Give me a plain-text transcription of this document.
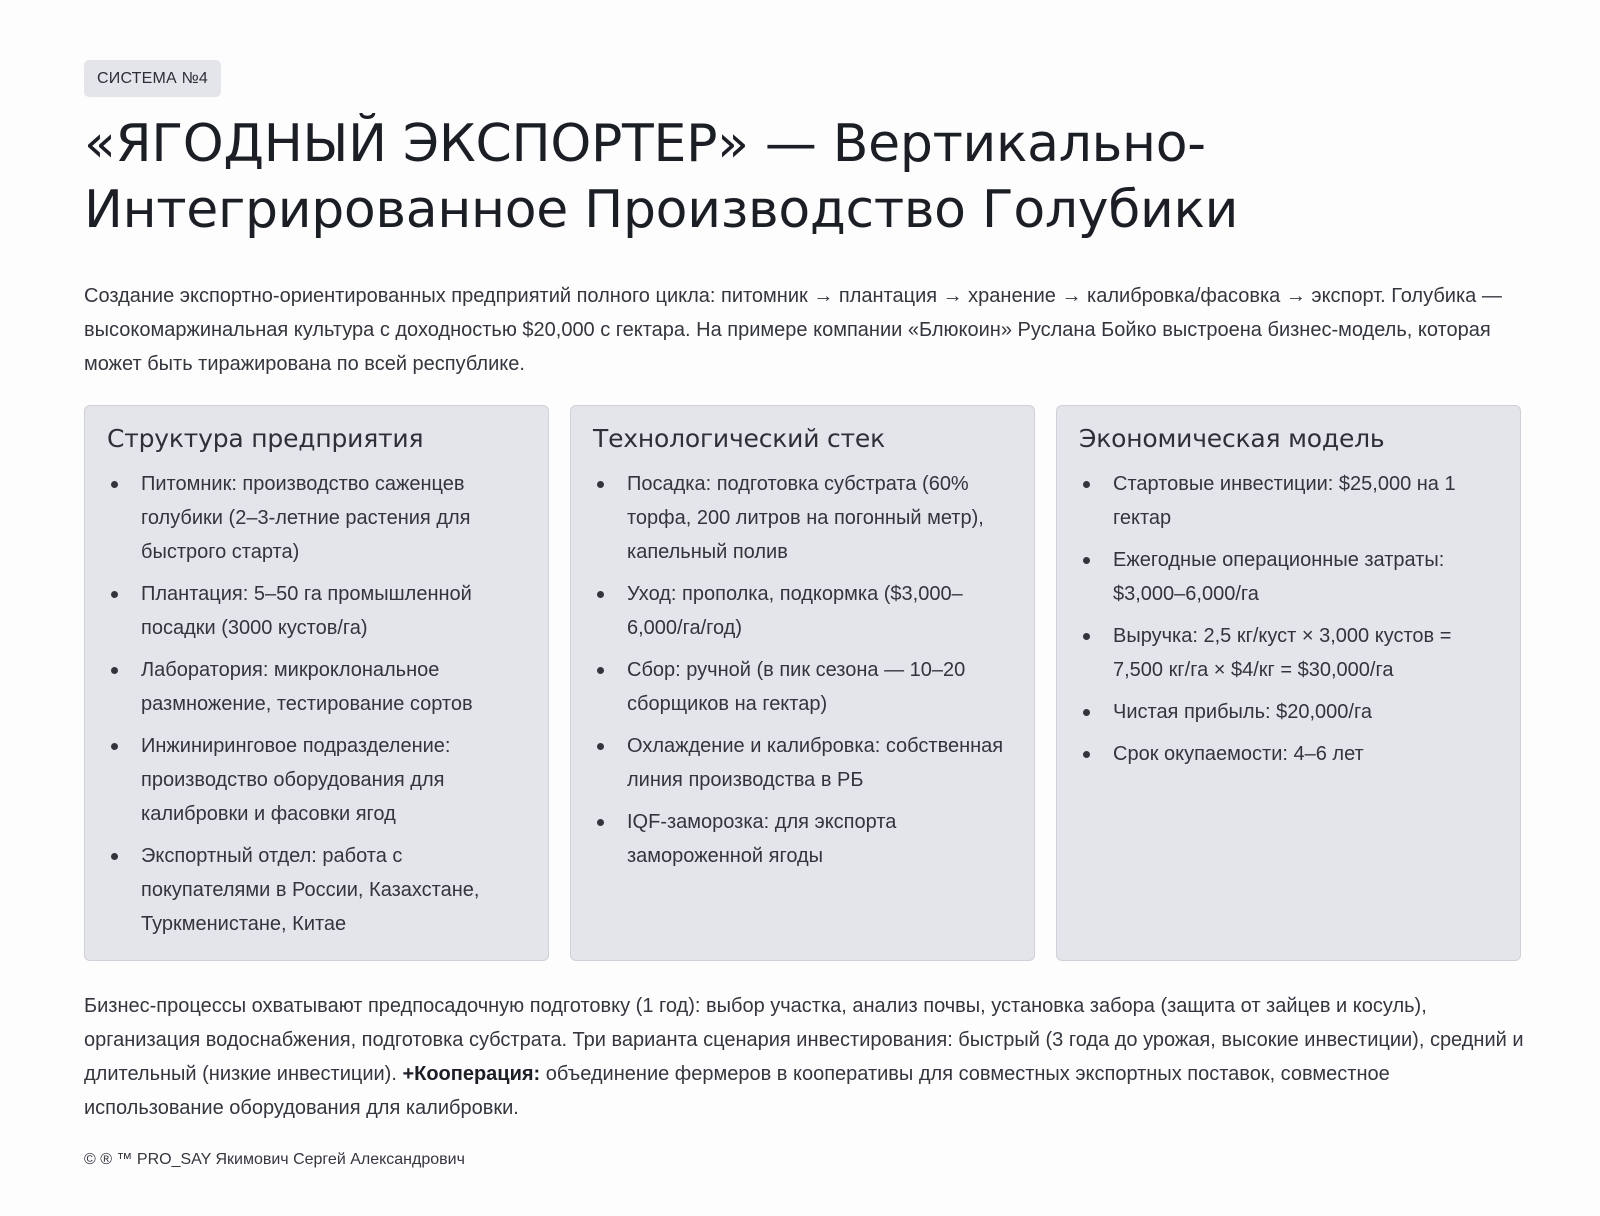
СИСТЕМА №4
«ЯГОДНЫЙ ЭКСПОРТЕР» — Вертикально-
Интегрированное Производство Голубики

Создание экспортно-ориентированных предприятий полного цикла: питомник → плантация → хранение → калибровка/фасовка → экспорт. Голубика — высокомаржинальная культура с доходностью $20,000 с гектара. На примере компании «Блюкоин» Руслана Бойко выстроена бизнес-модель, которая может быть тиражирована по всей республике.

Структура предприятия
Питомник: производство саженцев голубики (2–3-летние растения для быстрого старта)
Плантация: 5–50 га промышленной посадки (3000 кустов/га)
Лаборатория: микроклональное размножение, тестирование сортов
Инжиниринговое подразделение: производство оборудования для калибровки и фасовки ягод
Экспортный отдел: работа с покупателями в России, Казахстане, Туркменистане, Китае
Технологический стек
Посадка: подготовка субстрата (60% торфа, 200 литров на погонный метр), капельный полив
Уход: прополка, подкормка ($3,000–6,000/га/год)
Сбор: ручной (в пик сезона — 10–20 сборщиков на гектар)
Охлаждение и калибровка: собственная линия производства в РБ
IQF-заморозка: для экспорта замороженной ягоды
Экономическая модель
Стартовые инвестиции: $25,000 на 1 гектар
Ежегодные операционные затраты: $3,000–6,000/га
Выручка: 2,5 кг/куст × 3,000 кустов = 7,500 кг/га × $4/кг = $30,000/га
Чистая прибыль: $20,000/га
Срок окупаемости: 4–6 лет

Бизнес-процессы охватывают предпосадочную подготовку (1 год): выбор участка, анализ почвы, установка забора (защита от зайцев и косуль), организация водоснабжения, подготовка субстрата. Три варианта сценария инвестирования: быстрый (3 года до урожая, высокие инвестиции), средний и длительный (низкие инвестиции). +Кооперация: объединение фермеров в кооперативы для совместных экспортных поставок, совместное использование оборудования для калибровки.

© ® ™ PRO_SAY Якимович Сергей Александрович
